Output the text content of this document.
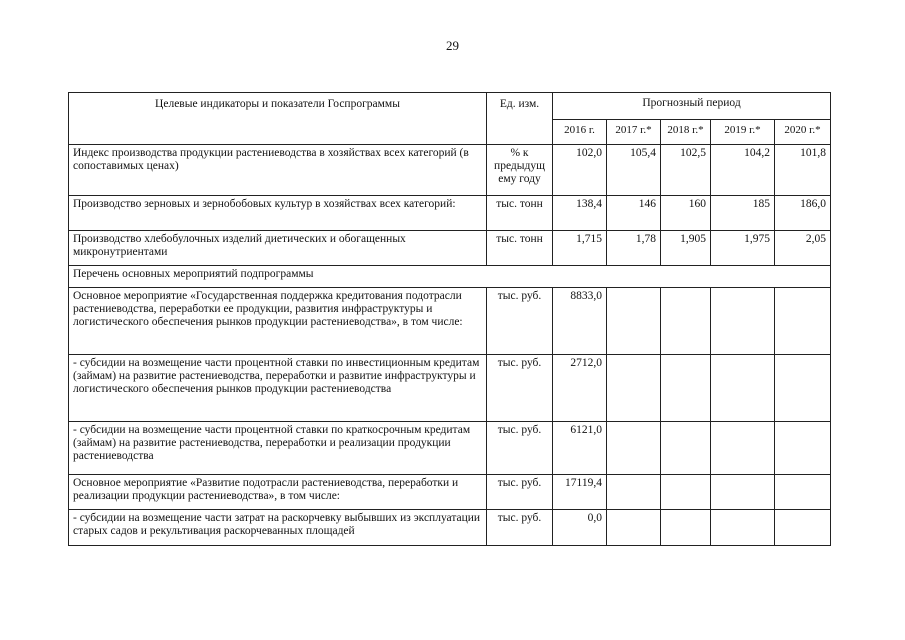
29
Целевые индикаторы и показатели Госпрограммы	Ед. изм.	Прогнозный период				
		2016 г.	2017 г.*	2018 г.*	2019 г.*	2020 г.*
Индекс производства продукции растениеводства в хозяйствах всех категорий (в сопоставимых ценах)	% к предыдущ ему году	102,0	105,4	102,5	104,2	101,8
Производство зерновых и зернобобовых культур в хозяйствах всех категорий:	тыс. тонн	138,4	146	160	185	186,0
Производство хлебобулочных изделий диетических и обогащенных микронутриентами	тыс. тонн	1,715	1,78	1,905	1,975	2,05
Перечень основных мероприятий подпрограммы						
Основное мероприятие «Государственная поддержка кредитования подотрасли растениеводства, переработки ее продукции, развития инфраструктуры и логистического обеспечения рынков продукции растениеводства», в том числе:	тыс. руб.	8833,0				
- субсидии на возмещение части процентной ставки по инвестиционным кредитам (займам) на развитие растениеводства, переработки и развитие инфраструктуры и логистического обеспечения рынков продукции растениеводства	тыс. руб.	2712,0				
- субсидии на возмещение части процентной ставки по краткосрочным кредитам (займам) на развитие растениеводства, переработки и реализации продукции растениеводства	тыс. руб.	6121,0				
Основное мероприятие «Развитие подотрасли растениеводства, переработки и реализации продукции растениеводства», в том числе:	тыс. руб.	17119,4				
- субсидии на возмещение части затрат на раскорчевку выбывших из эксплуатации старых садов и рекультивация раскорчеванных площадей	тыс. руб.	0,0				
